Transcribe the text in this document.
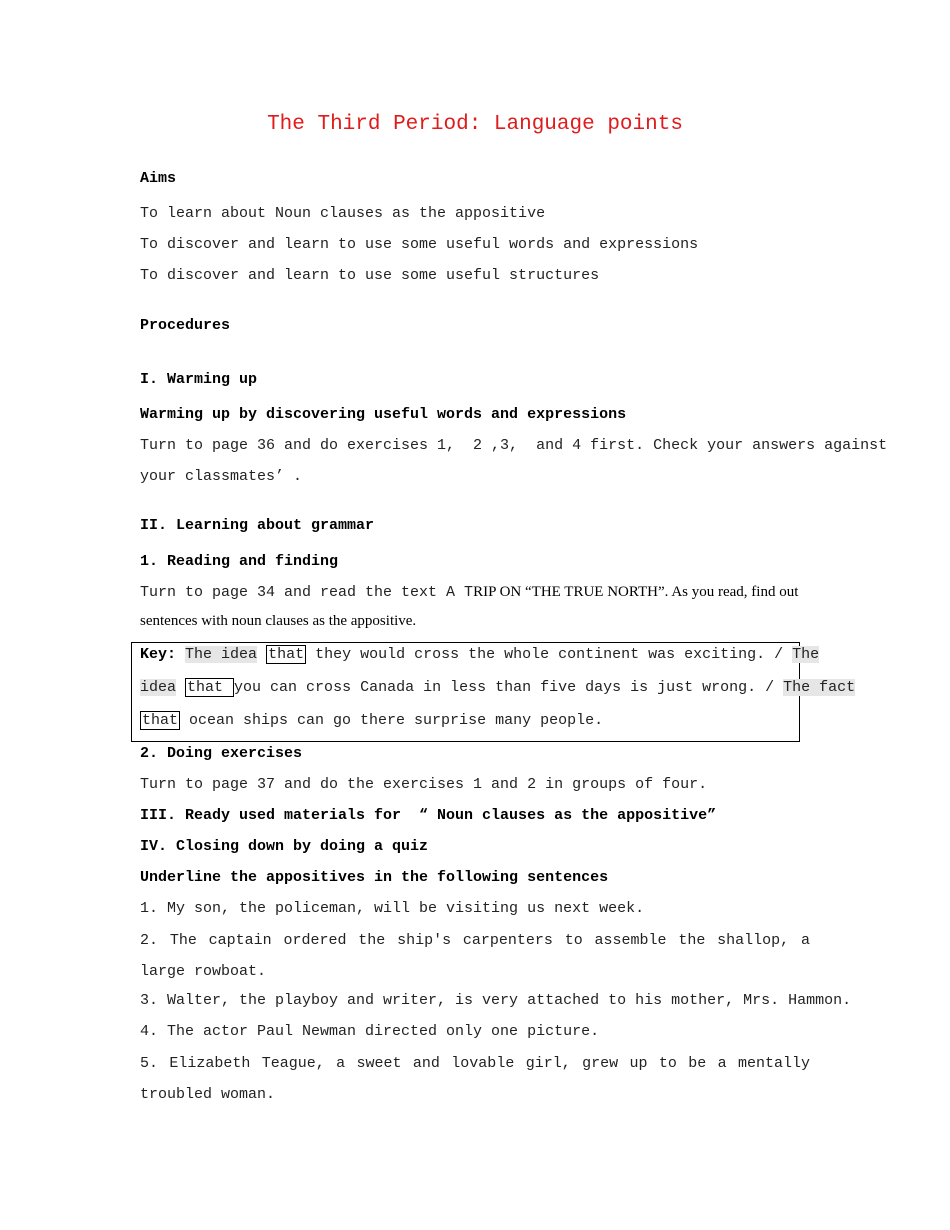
The Third Period: Language points
Aims
To learn about Noun clauses as the appositive
To discover and learn to use some useful words and expressions
To discover and learn to use some useful structures
Procedures
I. Warming up
Warming up by discovering useful words and expressions
Turn to page 36 and do exercises 1,  2 ,3,  and 4 first. Check your answers against
your classmates’ .
II. Learning about grammar
1. Reading and finding
Turn to page 34 and read the text A TRIP ON “THE TRUE NORTH”. As you read, find out
sentences with noun clauses as the appositive.
Key: The idea that they would cross the whole continent was exciting. / The
idea that you can cross Canada in less than five days is just wrong. / The fact
that ocean ships can go there surprise many people.
2. Doing exercises
Turn to page 37 and do the exercises 1 and 2 in groups of four.
III. Ready used materials for  “ Noun clauses as the appositive”
IV. Closing down by doing a quiz
Underline the appositives in the following sentences
1. My son, the policeman, will be visiting us next week.
2. The captain ordered the ship's carpenters to assemble the shallop, a large rowboat.
3. Walter, the playboy and writer, is very attached to his mother, Mrs. Hammon.
4. The actor Paul Newman directed only one picture.
5. Elizabeth Teague, a sweet and lovable girl, grew up to be a mentally troubled woman.
